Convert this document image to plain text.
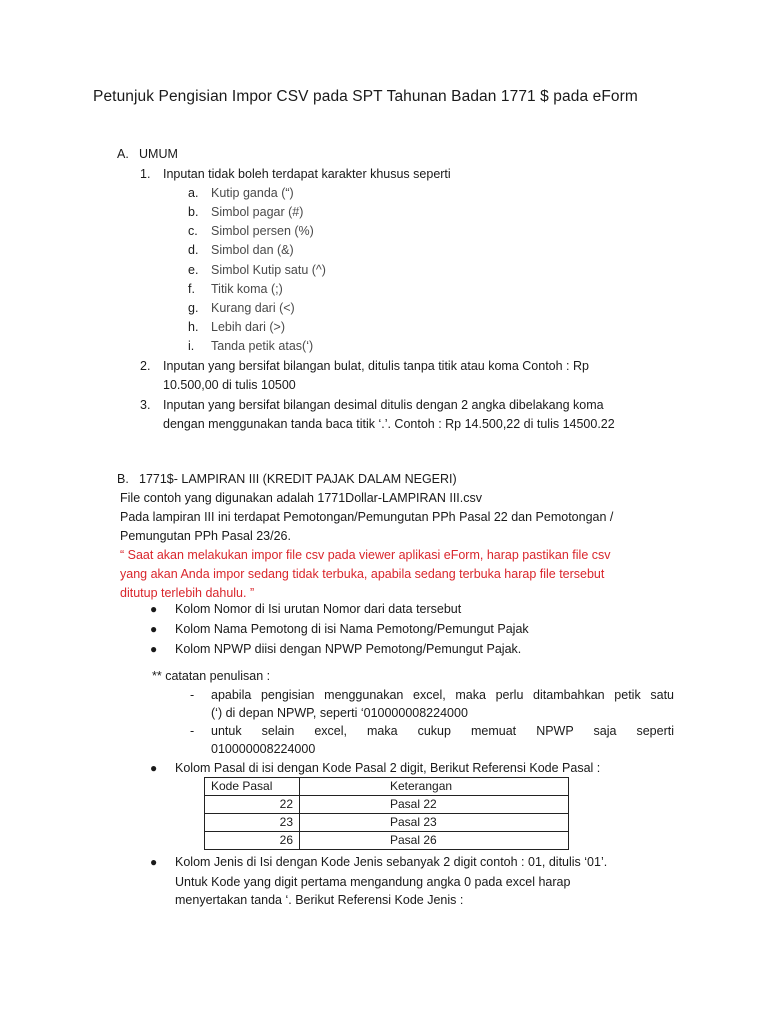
Petunjuk Pengisian Impor CSV pada SPT Tahunan Badan 1771 $ pada eForm
A. UMUM
1. Inputan tidak boleh terdapat karakter khusus seperti
a. Kutip ganda (“)
b. Simbol pagar (#)
c. Simbol persen (%)
d. Simbol dan (&)
e. Simbol Kutip satu (^)
f. Titik koma (;)
g. Kurang dari (<)
h. Lebih dari (>)
i. Tanda petik atas(‘)
2. Inputan yang bersifat bilangan bulat, ditulis tanpa titik atau koma Contoh : Rp
10.500,00 di tulis 10500
3. Inputan yang bersifat bilangan desimal ditulis dengan 2 angka dibelakang koma
dengan menggunakan tanda baca titik ‘.’. Contoh : Rp 14.500,22 di tulis 14500.22
B. 1771$- LAMPIRAN III (KREDIT PAJAK DALAM NEGERI)
File contoh yang digunakan adalah 1771Dollar-LAMPIRAN III.csv
Pada lampiran III ini terdapat Pemotongan/Pemungutan PPh Pasal 22 dan Pemotongan /
Pemungutan PPh Pasal 23/26.
“ Saat akan melakukan impor file csv pada viewer aplikasi eForm, harap pastikan file csv
yang akan Anda impor sedang tidak terbuka, apabila sedang terbuka harap file tersebut
ditutup terlebih dahulu. ”
● Kolom Nomor di Isi urutan Nomor dari data tersebut
● Kolom Nama Pemotong di isi Nama Pemotong/Pemungut Pajak
● Kolom NPWP diisi dengan NPWP Pemotong/Pemungut Pajak.
** catatan penulisan :
- apabila pengisian menggunakan excel, maka perlu ditambahkan petik satu
(‘) di depan NPWP, seperti ‘010000008224000
- untuk selain excel, maka cukup memuat NPWP saja seperti
010000008224000
● Kolom Pasal di isi dengan Kode Pasal 2 digit, Berikut Referensi Kode Pasal :
Kode Pasal	Keterangan
22	Pasal 22
23	Pasal 23
26	Pasal 26
● Kolom Jenis di Isi dengan Kode Jenis sebanyak 2 digit contoh : 01, ditulis ‘01’.
Untuk Kode yang digit pertama mengandung angka 0 pada excel harap
menyertakan tanda ‘. Berikut Referensi Kode Jenis :
